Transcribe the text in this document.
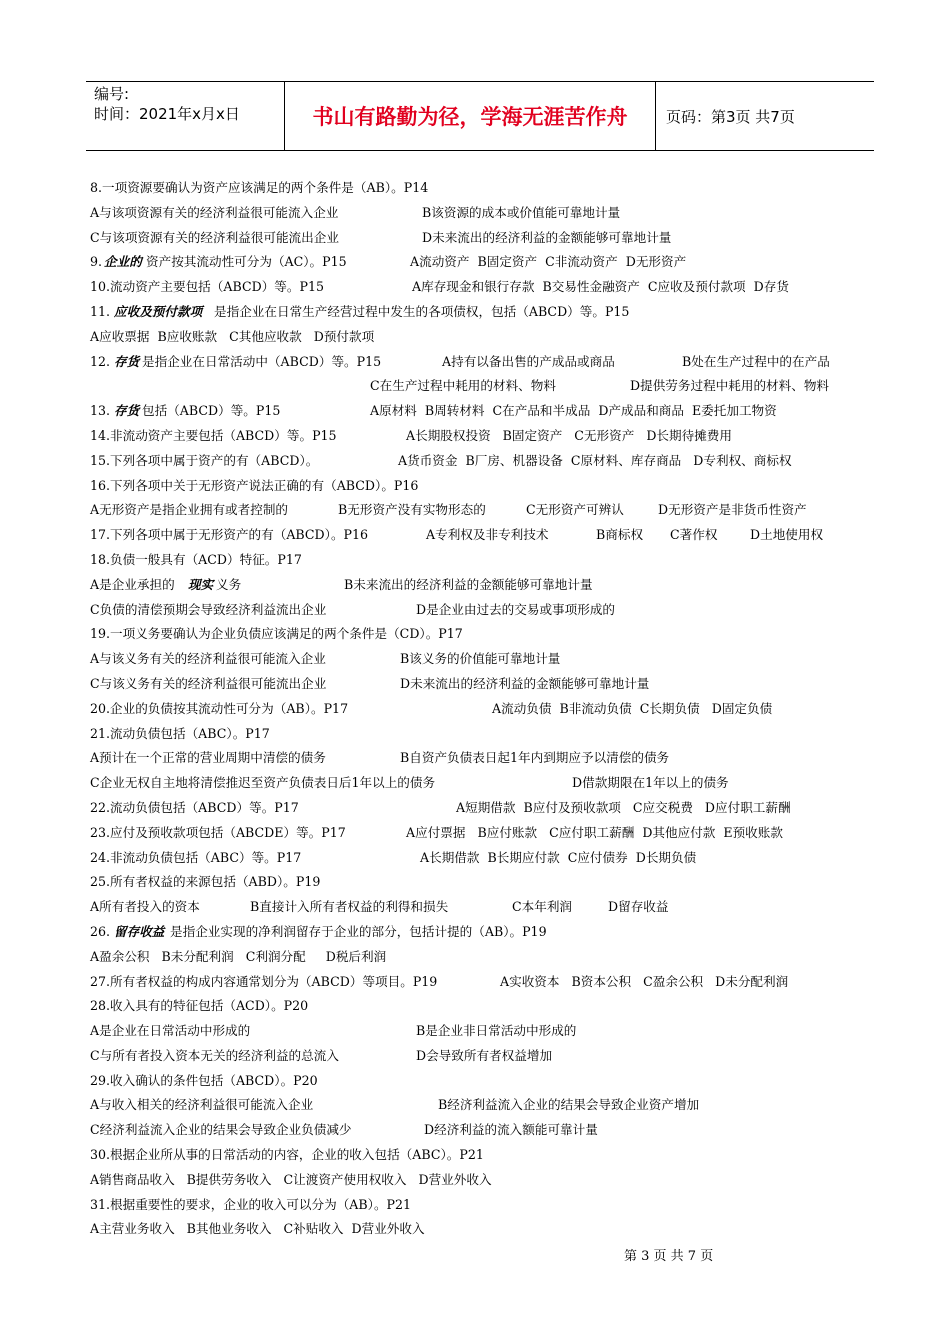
编号:
时间：2021年x月x日	书山有路勤为径，学海无涯苦作舟	页码：第3页 共7页
8.一项资源要确认为资产应该满足的两个条件是（AB）。P14
A与该项资源有关的经济利益很可能流入企业	B该资源的成本或价值能可靠地计量
C与该项资源有关的经济利益很可能流出企业	D未来流出的经济利益的金额能够可靠地计量
9. 企业的 资产按其流动性可分为（AC）。P15	A流动资产  B固定资产  C非流动资产  D无形资产
10.流动资产主要包括（ABCD）等。P15	A库存现金和银行存款  B交易性金融资产  C应收及预付款项  D存货
11. 应收及预付款项 是指企业在日常生产经营过程中发生的各项债权，包括（ABCD）等。P15
A应收票据  B应收账款   C其他应收款   D预付款项
12. 存货 是指企业在日常活动中（ABCD）等。P15	A持有以备出售的产成品或商品	B处在生产过程中的在产品
C在生产过程中耗用的材料、物料	D提供劳务过程中耗用的材料、物料
13. 存货 包括（ABCD）等。P15	A原材料  B周转材料  C在产品和半成品  D产成品和商品  E委托加工物资
14.非流动资产主要包括（ABCD）等。P15	A长期股权投资   B固定资产   C无形资产   D长期待摊费用
15.下列各项中属于资产的有（ABCD）。	A货币资金  B厂房、机器设备  C原材料、库存商品   D专利权、商标权
16.下列各项中关于无形资产说法正确的有（ABCD）。P16
A无形资产是指企业拥有或者控制的	B无形资产没有实物形态的	C无形资产可辨认	D无形资产是非货币性资产
17.下列各项中属于无形资产的有（ABCD）。P16	A专利权及非专利技术	B商标权 C著作权	D土地使用权
18.负债一般具有（ACD）特征。P17
A是企业承担的 现实 义务	B未来流出的经济利益的金额能够可靠地计量
C负债的清偿预期会导致经济利益流出企业	D是企业由过去的交易或事项形成的
19.一项义务要确认为企业负债应该满足的两个条件是（CD）。P17
A与该义务有关的经济利益很可能流入企业	B该义务的价值能可靠地计量
C与该义务有关的经济利益很可能流出企业	D未来流出的经济利益的金额能够可靠地计量
20.企业的负债按其流动性可分为（AB）。P17	A流动负债  B非流动负债  C长期负债   D固定负债
21.流动负债包括（ABC）。P17
A预计在一个正常的营业周期中清偿的债务	B自资产负债表日起1年内到期应予以清偿的债务
C企业无权自主地将清偿推迟至资产负债表日后1年以上的债务	D借款期限在1年以上的债务
22.流动负债包括（ABCD）等。P17	A短期借款  B应付及预收款项   C应交税费   D应付职工薪酬
23.应付及预收款项包括（ABCDE）等。P17	A应付票据   B应付账款   C应付职工薪酬  D其他应付款  E预收账款
24.非流动负债包括（ABC）等。P17	A长期借款  B长期应付款  C应付债券  D长期负债
25.所有者权益的来源包括（ABD）。P19
A所有者投入的资本	B直接计入所有者权益的利得和损失	C本年利润	D留存收益
26. 留存收益 是指企业实现的净利润留存于企业的部分，包括计提的（AB）。P19
A盈余公积   B未分配利润   C利润分配     D税后利润
27.所有者权益的构成内容通常划分为（ABCD）等项目。P19	A实收资本   B资本公积   C盈余公积   D未分配利润
28.收入具有的特征包括（ACD）。P20
A是企业在日常活动中形成的	B是企业非日常活动中形成的
C与所有者投入资本无关的经济利益的总流入	D会导致所有者权益增加
29.收入确认的条件包括（ABCD）。P20
A与收入相关的经济利益很可能流入企业	B经济利益流入企业的结果会导致企业资产增加
C经济利益流入企业的结果会导致企业负债减少	D经济利益的流入额能可靠计量
30.根据企业所从事的日常活动的内容，企业的收入包括（ABC）。P21
A销售商品收入   B提供劳务收入   C让渡资产使用权收入   D营业外收入
31.根据重要性的要求，企业的收入可以分为（AB）。P21
A主营业务收入   B其他业务收入   C补贴收入  D营业外收入
第 3 页 共 7 页
